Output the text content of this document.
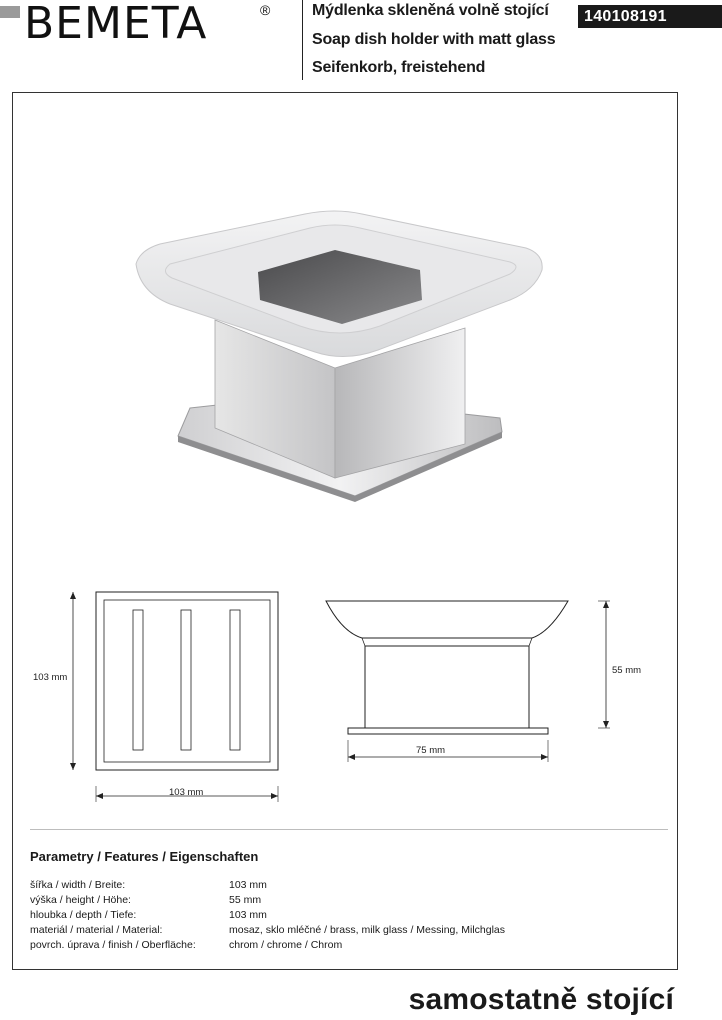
BEMETA	®	Mýdlenka skleněná volně stojící
Soap dish holder with matt glass
Seifenkorb, freistehend
140108191
103 mm
103 mm
55 mm
75 mm
Parametry / Features / Eigenschaften
šířka / width / Breite:	103 mm
výška / height / Höhe:	55 mm
hloubka / depth / Tiefe:	103 mm
materiál / material / Material:	mosaz, sklo mléčné / brass, milk glass / Messing, Milchglas
povrch. úprava / finish / Oberfläche:	chrom / chrome / Chrom
samostatně stojící
